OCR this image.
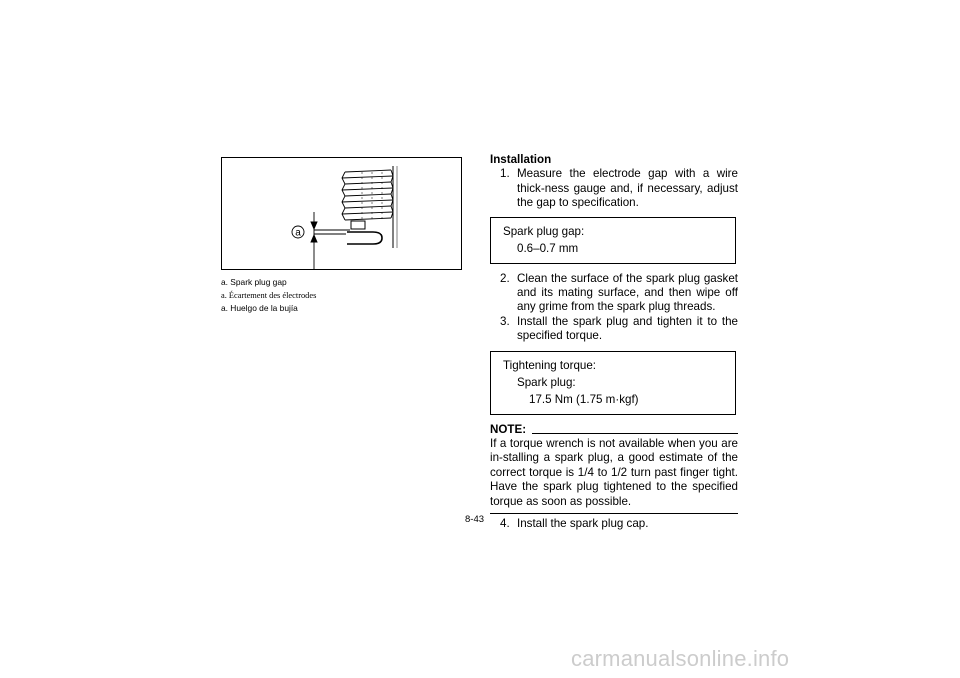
a
a. Spark plug gap
a. Écartement des électrodes
a. Huelgo de la bujía
Installation
1. Measure the electrode gap with a wire thick-ness gauge and, if necessary, adjust the gap to specification.

Spark plug gap:
0.6–0.7 mm
2. Clean the surface of the spark plug gasket and its mating surface, and then wipe off any grime from the spark plug threads.

3. Install the spark plug and tighten it to the specified torque.

Tightening torque:
Spark plug:
17.5 Nm (1.75 m·kgf)
NOTE:

If a torque wrench is not available when you are in-stalling a spark plug, a good estimate of the correct torque is 1/4 to 1/2 turn past finger tight. Have the spark plug tightened to the specified torque as soon as possible.

4. Install the spark plug cap.

8-43
carmanualsonline.info
